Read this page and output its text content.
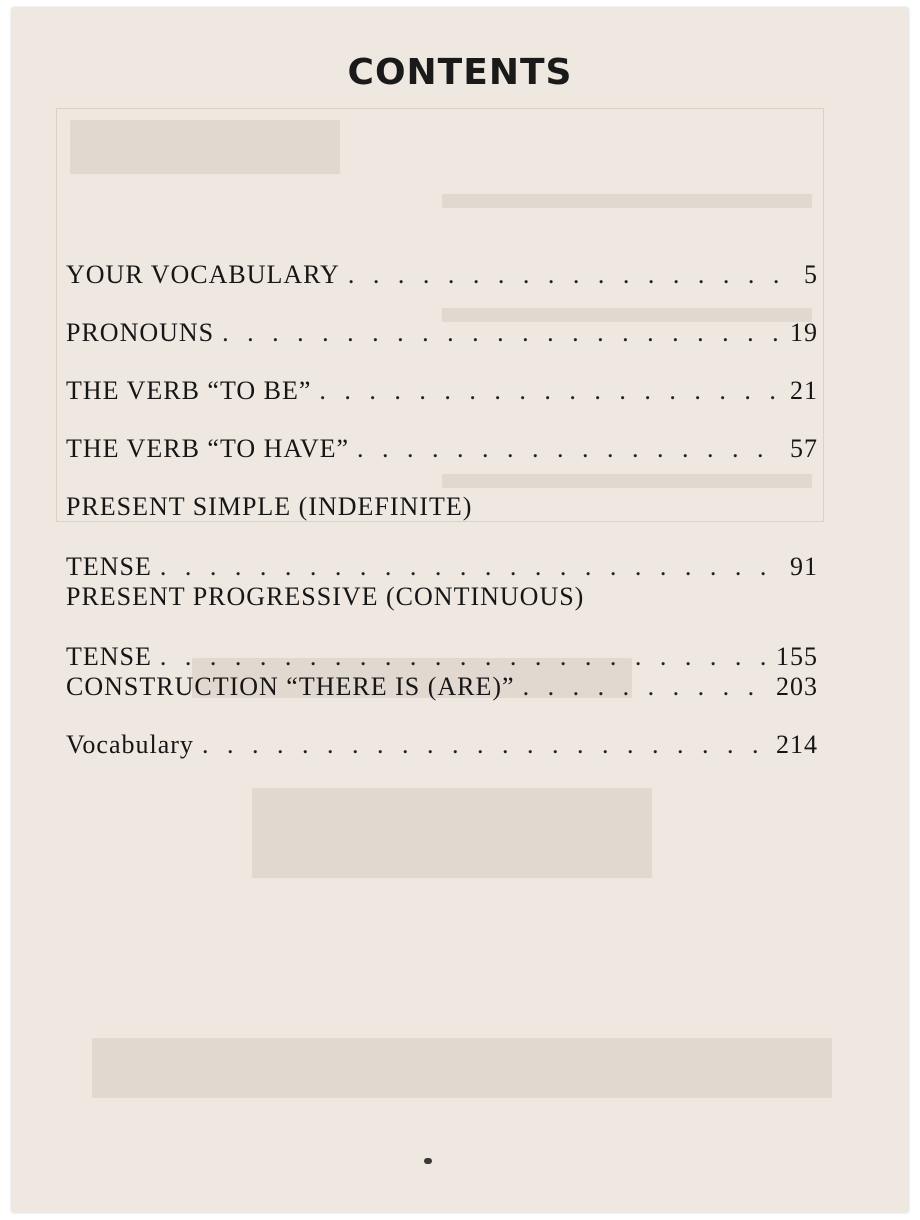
CONTENTS
YOUR VOCABULARY . . .	5
PRONOUNS . . .	19
THE VERB “TO BE” . . .	21
THE VERB “TO HAVE” . . .	57
PRESENT SIMPLE (INDEFINITE)
TENSE . . .	91
PRESENT PROGRESSIVE (CONTINUOUS)
TENSE . . .	155
CONSTRUCTION “THERE IS (ARE)” . . .	203
Vocabulary . . .	214
